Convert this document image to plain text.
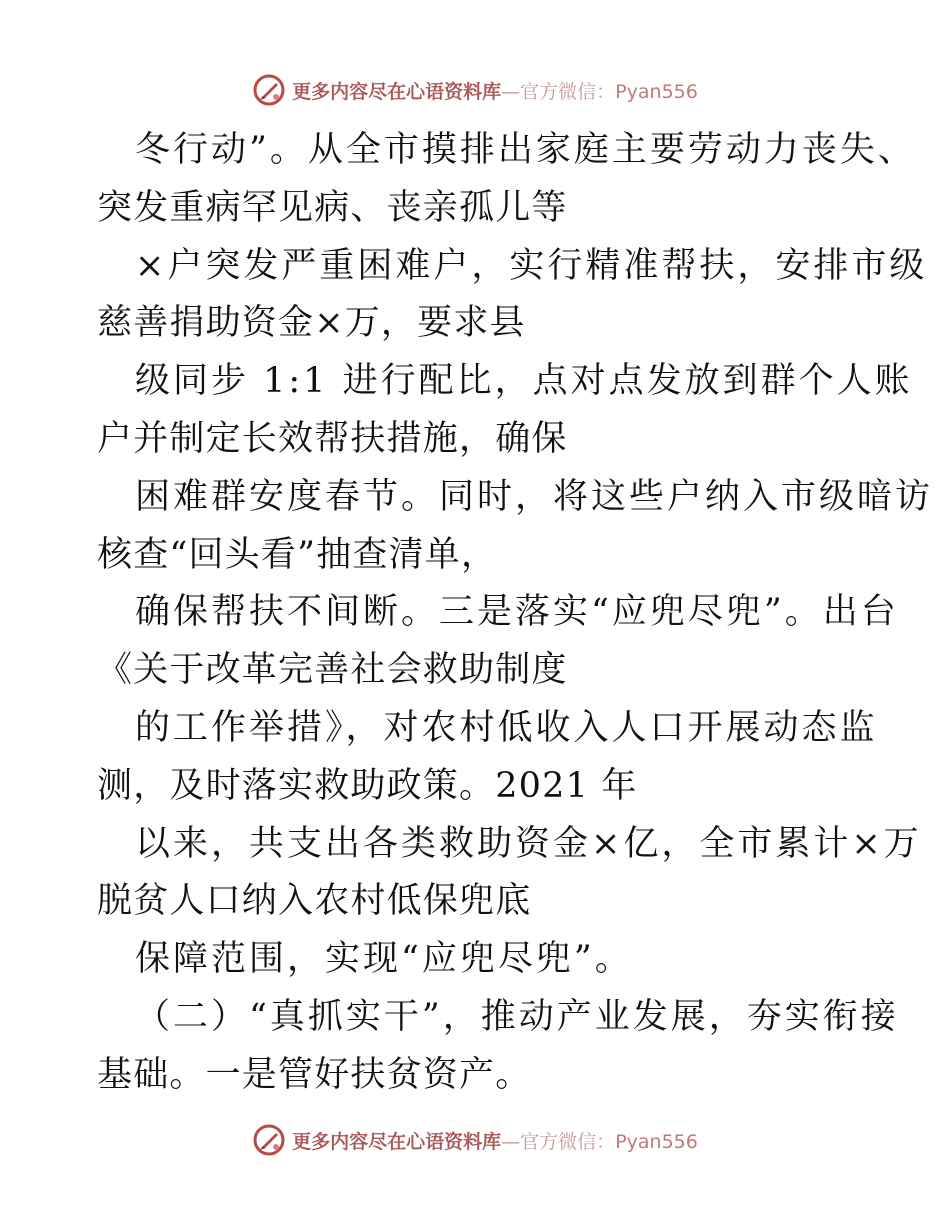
更多内容尽在心语资料库—官方微信：Pyan556
冬行动”。从全市摸排出家庭主要劳动力丧失、
突发重病罕见病、丧亲孤儿等
×户突发严重困难户，实行精准帮扶，安排市级
慈善捐助资金×万，要求县
级同步 1:1 进行配比，点对点发放到群个人账
户并制定长效帮扶措施，确保
困难群安度春节。同时，将这些户纳入市级暗访
核查“回头看”抽查清单，
确保帮扶不间断。三是落实“应兜尽兜”。出台
《关于改革完善社会救助制度
的工作举措》，对农村低收入人口开展动态监
测，及时落实救助政策。2021 年
以来，共支出各类救助资金×亿，全市累计×万
脱贫人口纳入农村低保兜底
保障范围，实现“应兜尽兜”。
（二）“真抓实干”，推动产业发展，夯实衔接
基础。一是管好扶贫资产。
更多内容尽在心语资料库—官方微信：Pyan556
